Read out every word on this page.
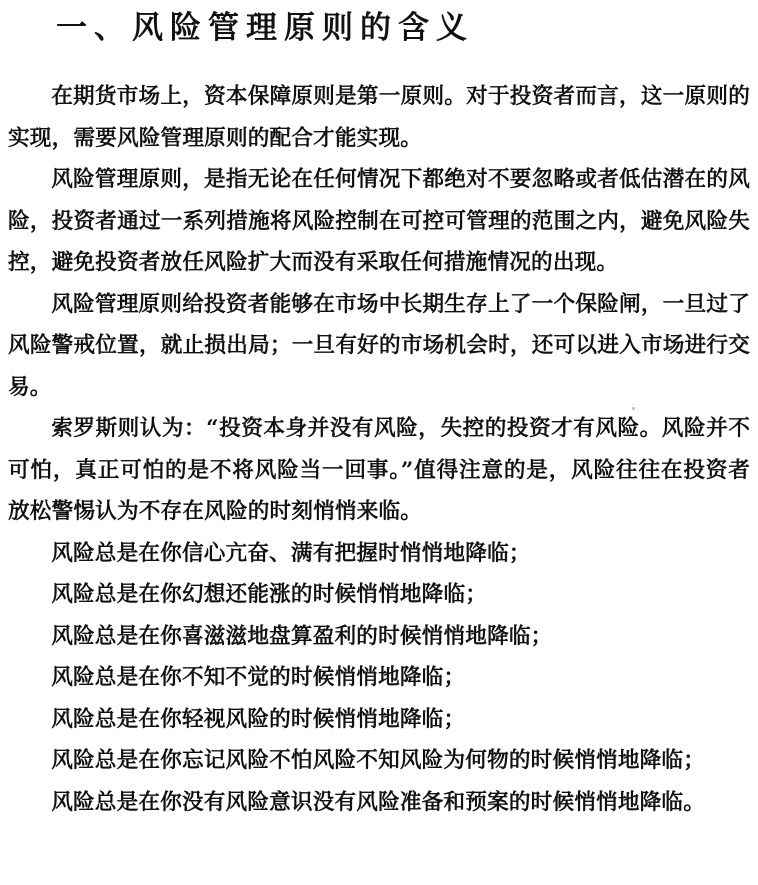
一、风险管理原则的含义

在期货市场上，资本保障原则是第一原则。对于投资者而言，这一原则的实现，需要风险管理原则的配合才能实现。

风险管理原则，是指无论在任何情况下都绝对不要忽略或者低估潜在的风险，投资者通过一系列措施将风险控制在可控可管理的范围之内，避免风险失控，避免投资者放任风险扩大而没有采取任何措施情况的出现。

风险管理原则给投资者能够在市场中长期生存上了一个保险闸，一旦过了风险警戒位置，就止损出局；一旦有好的市场机会时，还可以进入市场进行交易。

索罗斯则认为：“投资本身并没有风险，失控的投资才有风险。风险并不可怕，真正可怕的是不将风险当一回事。”值得注意的是，风险往往在投资者放松警惕认为不存在风险的时刻悄悄来临。

风险总是在你信心亢奋、满有把握时悄悄地降临；

风险总是在你幻想还能涨的时候悄悄地降临；

风险总是在你喜滋滋地盘算盈利的时候悄悄地降临；

风险总是在你不知不觉的时候悄悄地降临；

风险总是在你轻视风险的时候悄悄地降临；

风险总是在你忘记风险不怕风险不知风险为何物的时候悄悄地降临；

风险总是在你没有风险意识没有风险准备和预案的时候悄悄地降临。
